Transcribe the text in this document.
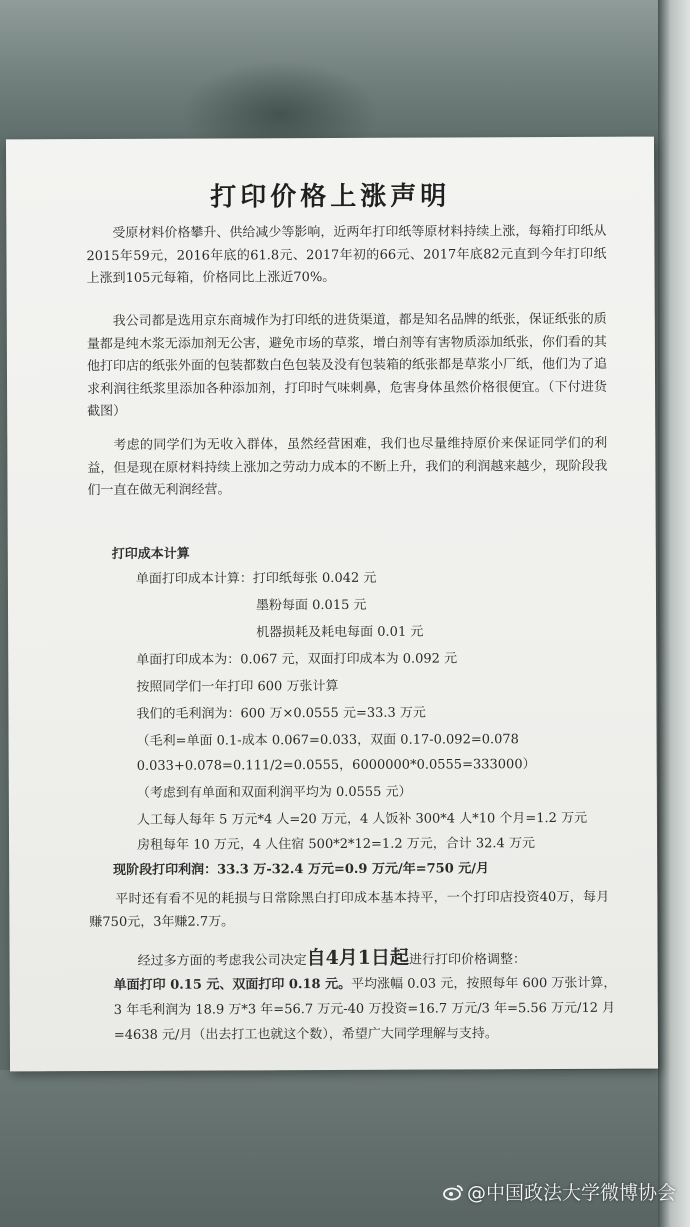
打印价格上涨声明
受原材料价格攀升、供给减少等影响，近两年打印纸等原材料持续上涨，每箱打印纸从2015年59元，2016年底的61.8元、2017年初的66元、2017年底82元直到今年打印纸上涨到105元每箱，价格同比上涨近70%。
我公司都是选用京东商城作为打印纸的进货渠道，都是知名品牌的纸张，保证纸张的质量都是纯木浆无添加剂无公害，避免市场的草浆，增白剂等有害物质添加纸张，你们看的其他打印店的纸张外面的包装都数白色包装及没有包装箱的纸张都是草浆小厂纸，他们为了追求利润往纸浆里添加各种添加剂，打印时气味刺鼻，危害身体虽然价格很便宜。（下付进货截图）
考虑的同学们为无收入群体，虽然经营困难，我们也尽量维持原价来保证同学们的利益，但是现在原材料持续上涨加之劳动力成本的不断上升，我们的利润越来越少，现阶段我们一直在做无利润经营。
打印成本计算
单面打印成本计算：打印纸每张 0.042 元
墨粉每面 0.015 元
机器损耗及耗电每面 0.01 元
单面打印成本为：0.067 元，双面打印成本为 0.092 元
按照同学们一年打印 600 万张计算
我们的毛利润为：600 万×0.0555 元=33.3 万元
（毛利=单面 0.1-成本 0.067=0.033，双面 0.17-0.092=0.078
0.033+0.078=0.111/2=0.0555，6000000*0.0555=333000）
（考虑到有单面和双面利润平均为 0.0555 元）
人工每人每年 5 万元*4 人=20 万元，4 人饭补 300*4 人*10 个月=1.2 万元
房租每年 10 万元，4 人住宿 500*2*12=1.2 万元，合计 32.4 万元
现阶段打印利润：33.3 万-32.4 万元=0.9 万元/年=750 元/月
平时还有看不见的耗损与日常除黑白打印成本基本持平，一个打印店投资40万，每月赚750元，3年赚2.7万。
经过多方面的考虑我公司决定自4月1日起进行打印价格调整：
单面打印 0.15 元、双面打印 0.18 元。平均涨幅 0.03 元，按照每年 600 万张计算，
3 年毛利润为 18.9 万*3 年=56.7 万元-40 万投资=16.7 万元/3 年=5.56 万元/12 月
=4638 元/月（出去打工也就这个数），希望广大同学理解与支持。
@中国政法大学微博协会
